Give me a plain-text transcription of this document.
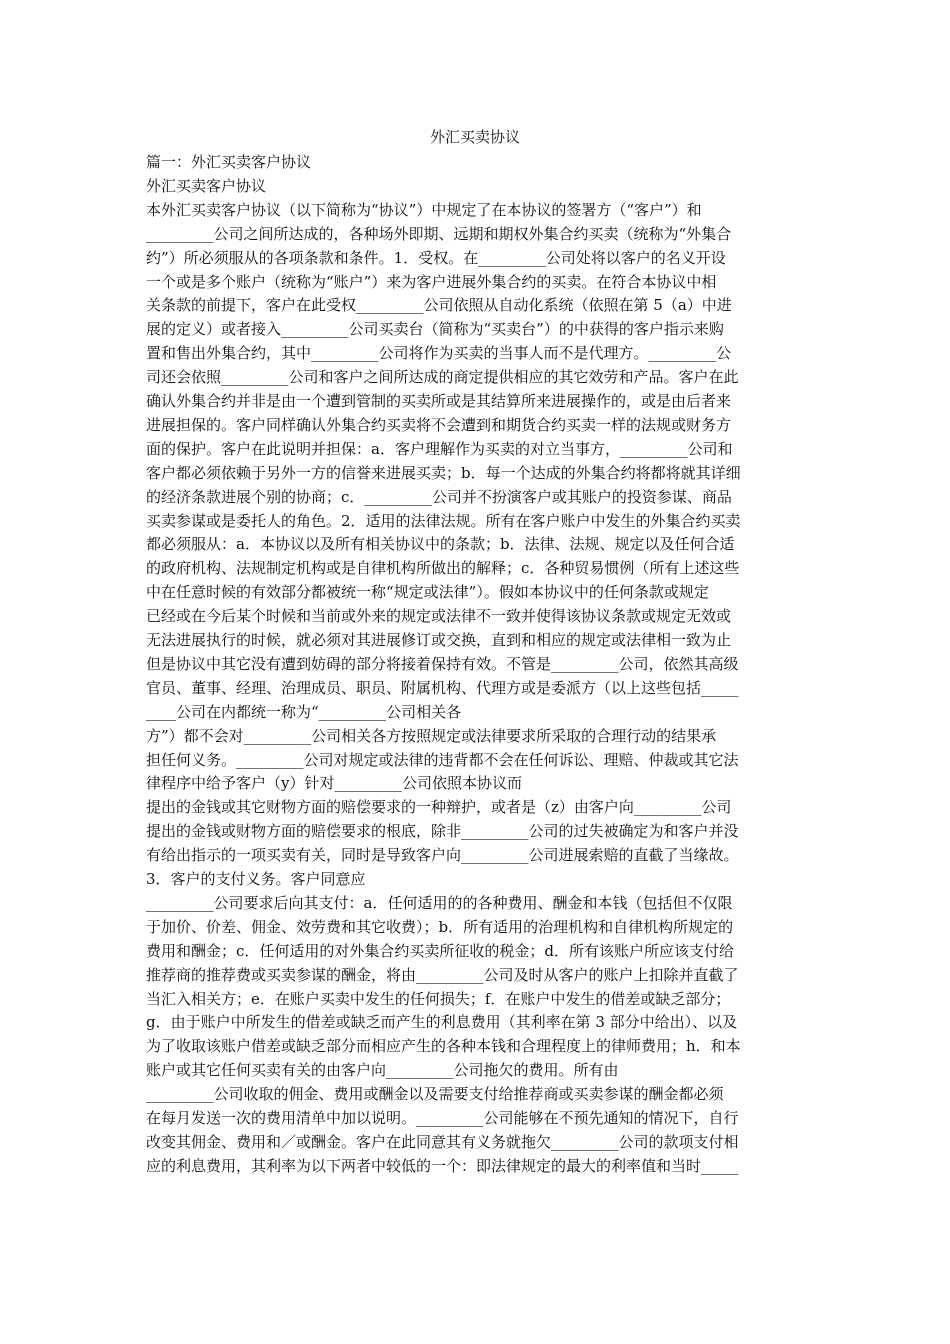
外汇买卖协议
篇一：外汇买卖客户协议
外汇买卖客户协议
本外汇买卖客户协议（以下简称为“协议”）中规定了在本协议的签署方（“客户”）和
_________公司之间所达成的，各种场外即期、远期和期权外集合约买卖（统称为“外集合
约”）所必须服从的各项条款和条件。1．受权。在_________公司处将以客户的名义开设
一个或是多个账户（统称为“账户”）来为客户进展外集合约的买卖。在符合本协议中相
关条款的前提下，客户在此受权_________公司依照从自动化系统（依照在第 5（a）中进
展的定义）或者接入_________公司买卖台（简称为“买卖台”）的中获得的客户指示来购
置和售出外集合约，其中_________公司将作为买卖的当事人而不是代理方。_________公
司还会依照_________公司和客户之间所达成的商定提供相应的其它效劳和产品。客户在此
确认外集合约并非是由一个遭到管制的买卖所或是其结算所来进展操作的，或是由后者来
进展担保的。客户同样确认外集合约买卖将不会遭到和期货合约买卖一样的法规或财务方
面的保护。客户在此说明并担保：a．客户理解作为买卖的对立当事方，_________公司和
客户都必须依赖于另外一方的信誉来进展买卖；b．每一个达成的外集合约将都将就其详细
的经济条款进展个别的协商；c．_________公司并不扮演客户或其账户的投资参谋、商品
买卖参谋或是委托人的角色。2．适用的法律法规。所有在客户账户中发生的外集合约买卖
都必须服从：a．本协议以及所有相关协议中的条款；b．法律、法规、规定以及任何合适
的政府机构、法规制定机构或是自律机构所做出的解释；c．各种贸易惯例（所有上述这些
中在任意时候的有效部分都被统一称“规定或法律”）。假如本协议中的任何条款或规定
已经或在今后某个时候和当前或外来的规定或法律不一致并使得该协议条款或规定无效或
无法进展执行的时候，就必须对其进展修订或交换，直到和相应的规定或法律相一致为止
但是协议中其它没有遭到妨碍的部分将接着保持有效。不管是_________公司，依然其高级
官员、董事、经理、治理成员、职员、附属机构、代理方或是委派方（以上这些包括_____
____公司在内都统一称为“_________公司相关各
方”）都不会对_________公司相关各方按照规定或法律要求所采取的合理行动的结果承
担任何义务。_________公司对规定或法律的违背都不会在任何诉讼、理赔、仲裁或其它法
律程序中给予客户（y）针对_________公司依照本协议而
提出的金钱或其它财物方面的赔偿要求的一种辩护，或者是（z）由客户向_________公司
提出的金钱或财物方面的赔偿要求的根底，除非_________公司的过失被确定为和客户并没
有给出指示的一项买卖有关，同时是导致客户向_________公司进展索赔的直截了当缘故。
3．客户的支付义务。客户同意应
_________公司要求后向其支付：a．任何适用的的各种费用、酬金和本钱（包括但不仅限
于加价、价差、佣金、效劳费和其它收费）；b．所有适用的治理机构和自律机构所规定的
费用和酬金；c．任何适用的对外集合约买卖所征收的税金；d．所有该账户所应该支付给
推荐商的推荐费或买卖参谋的酬金，将由_________公司及时从客户的账户上扣除并直截了
当汇入相关方；e．在账户买卖中发生的任何损失；f．在账户中发生的借差或缺乏部分；
g．由于账户中所发生的借差或缺乏而产生的利息费用（其利率在第 3 部分中给出）、以及
为了收取该账户借差或缺乏部分而相应产生的各种本钱和合理程度上的律师费用；h．和本
账户或其它任何买卖有关的由客户向_________公司拖欠的费用。所有由
_________公司收取的佣金、费用或酬金以及需要支付给推荐商或买卖参谋的酬金都必须
在每月发送一次的费用清单中加以说明。_________公司能够在不预先通知的情况下，自行
改变其佣金、费用和／或酬金。客户在此同意其有义务就拖欠_________公司的款项支付相
应的利息费用，其利率为以下两者中较低的一个：即法律规定的最大的利率值和当时_____
